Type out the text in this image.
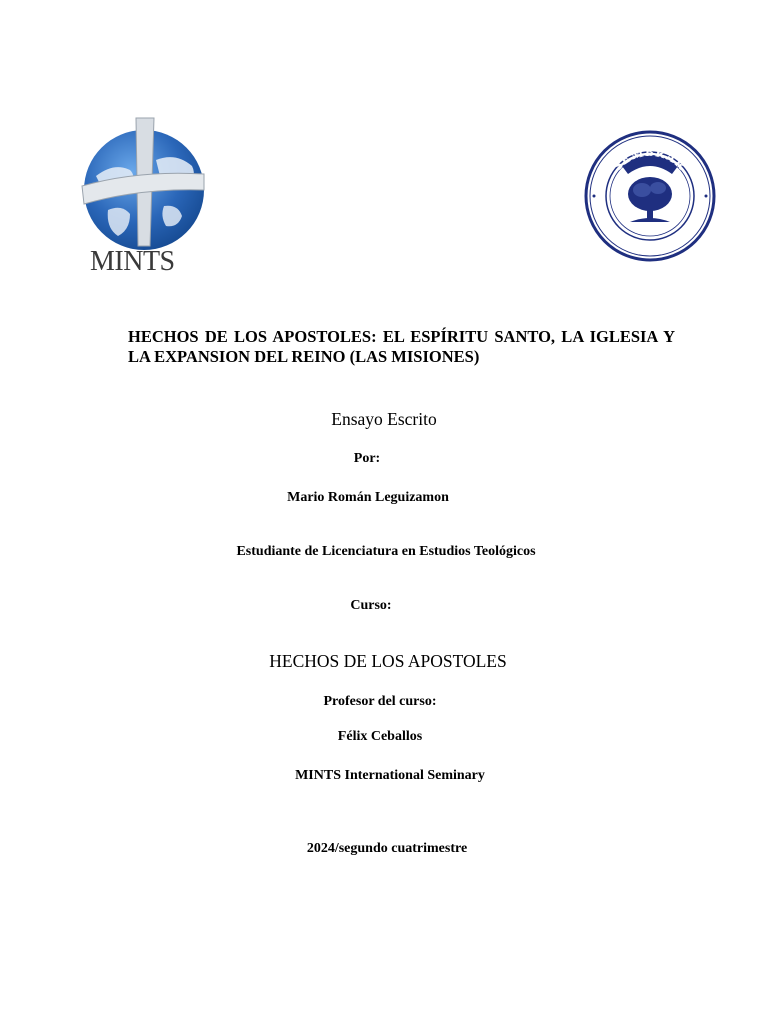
MINTS
SEMBRAR
HECHOS DE LOS APOSTOLES: EL ESPÍRITU SANTO, LA IGLESIA Y LA EXPANSION DEL REINO (LAS MISIONES)

Ensayo Escrito

Por:

Mario Román Leguizamon

Estudiante de Licenciatura en Estudios Teológicos

Curso:

HECHOS DE LOS APOSTOLES

Profesor del curso:

Félix Ceballos

MINTS International Seminary

2024/segundo cuatrimestre
